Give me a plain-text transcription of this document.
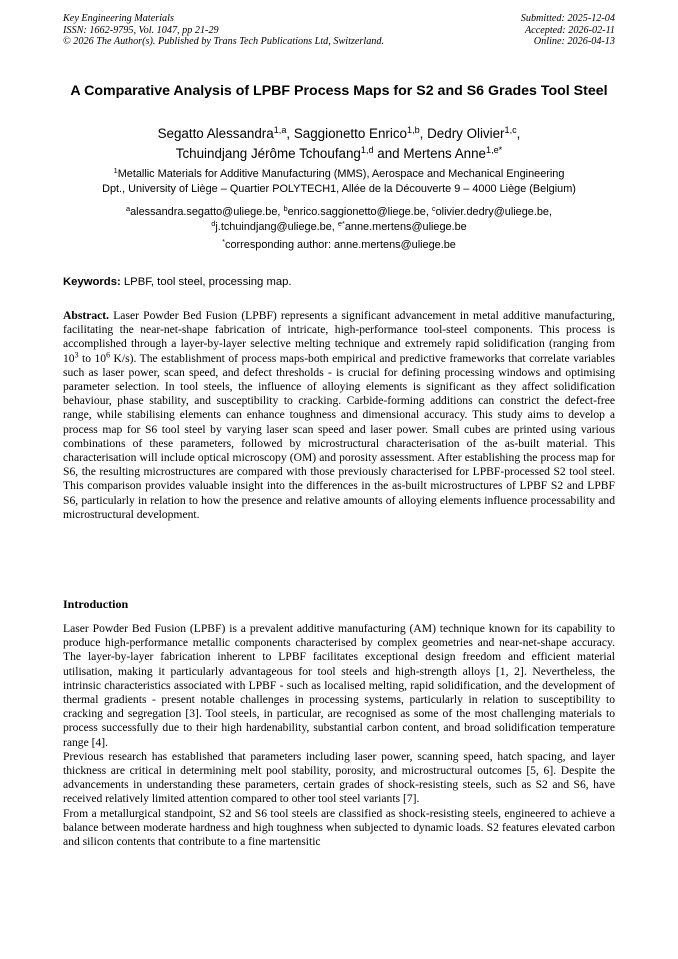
Key Engineering Materials
ISSN: 1662-9795, Vol. 1047, pp 21-29
© 2026 The Author(s). Published by Trans Tech Publications Ltd, Switzerland.
Submitted: 2025-12-04
Accepted: 2026-02-11
Online: 2026-04-13
A Comparative Analysis of LPBF Process Maps for S2 and S6 Grades Tool Steel
Segatto Alessandra$^{1,a}$, Saggionetto Enrico$^{1,b}$, Dedry Olivier$^{1,c}$,
Tchuindjang Jérôme Tchoufang$^{1,d}$ and Mertens Anne$^{1,e*}$
$^1$Metallic Materials for Additive Manufacturing (MMS), Aerospace and Mechanical Engineering
Dpt., University of Liège – Quartier POLYTECH1, Allée de la Découverte 9 – 4000 Liège (Belgium)
$^a$alessandra.segatto@uliege.be, $^b$enrico.saggionetto@liege.be, $^c$olivier.dedry@uliege.be,
$^d$j.tchuindjang@uliege.be, $^{e*}$anne.mertens@uliege.be
*corresponding author: anne.mertens@uliege.be
Keywords: LPBF, tool steel, processing map.

Abstract. Laser Powder Bed Fusion (LPBF) represents a significant advancement in metal additive manufacturing, facilitating the near-net-shape fabrication of intricate, high-performance tool-steel components. This process is accomplished through a layer-by-layer selective melting technique and extremely rapid solidification (ranging from $10^3$ to $10^6$ K/s). The establishment of process maps-both empirical and predictive frameworks that correlate variables such as laser power, scan speed, and defect thresholds - is crucial for defining processing windows and optimising parameter selection. In tool steels, the influence of alloying elements is significant as they affect solidification behaviour, phase stability, and susceptibility to cracking. Carbide-forming additions can constrict the defect-free range, while stabilising elements can enhance toughness and dimensional accuracy. This study aims to develop a process map for S6 tool steel by varying laser scan speed and laser power. Small cubes are printed using various combinations of these parameters, followed by microstructural characterisation of the as-built material. This characterisation will include optical microscopy (OM) and porosity assessment. After establishing the process map for S6, the resulting microstructures are compared with those previously characterised for LPBF-processed S2 tool steel. This comparison provides valuable insight into the differences in the as-built microstructures of LPBF S2 and LPBF S6, particularly in relation to how the presence and relative amounts of alloying elements influence processability and microstructural development.

Introduction

Laser Powder Bed Fusion (LPBF) is a prevalent additive manufacturing (AM) technique known for its capability to produce high-performance metallic components characterised by complex geometries and near-net-shape accuracy. The layer-by-layer fabrication inherent to LPBF facilitates exceptional design freedom and efficient material utilisation, making it particularly advantageous for tool steels and high-strength alloys [1, 2]. Nevertheless, the intrinsic characteristics associated with LPBF - such as localised melting, rapid solidification, and the development of thermal gradients - present notable challenges in processing systems, particularly in relation to susceptibility to cracking and segregation [3]. Tool steels, in particular, are recognised as some of the most challenging materials to process successfully due to their high hardenability, substantial carbon content, and broad solidification temperature range [4].

Previous research has established that parameters including laser power, scanning speed, hatch spacing, and layer thickness are critical in determining melt pool stability, porosity, and microstructural outcomes [5, 6]. Despite the advancements in understanding these parameters, certain grades of shock-resisting steels, such as S2 and S6, have received relatively limited attention compared to other tool steel variants [7].

From a metallurgical standpoint, S2 and S6 tool steels are classified as shock-resisting steels, engineered to achieve a balance between moderate hardness and high toughness when subjected to dynamic loads. S2 features elevated carbon and silicon contents that contribute to a fine martensitic
